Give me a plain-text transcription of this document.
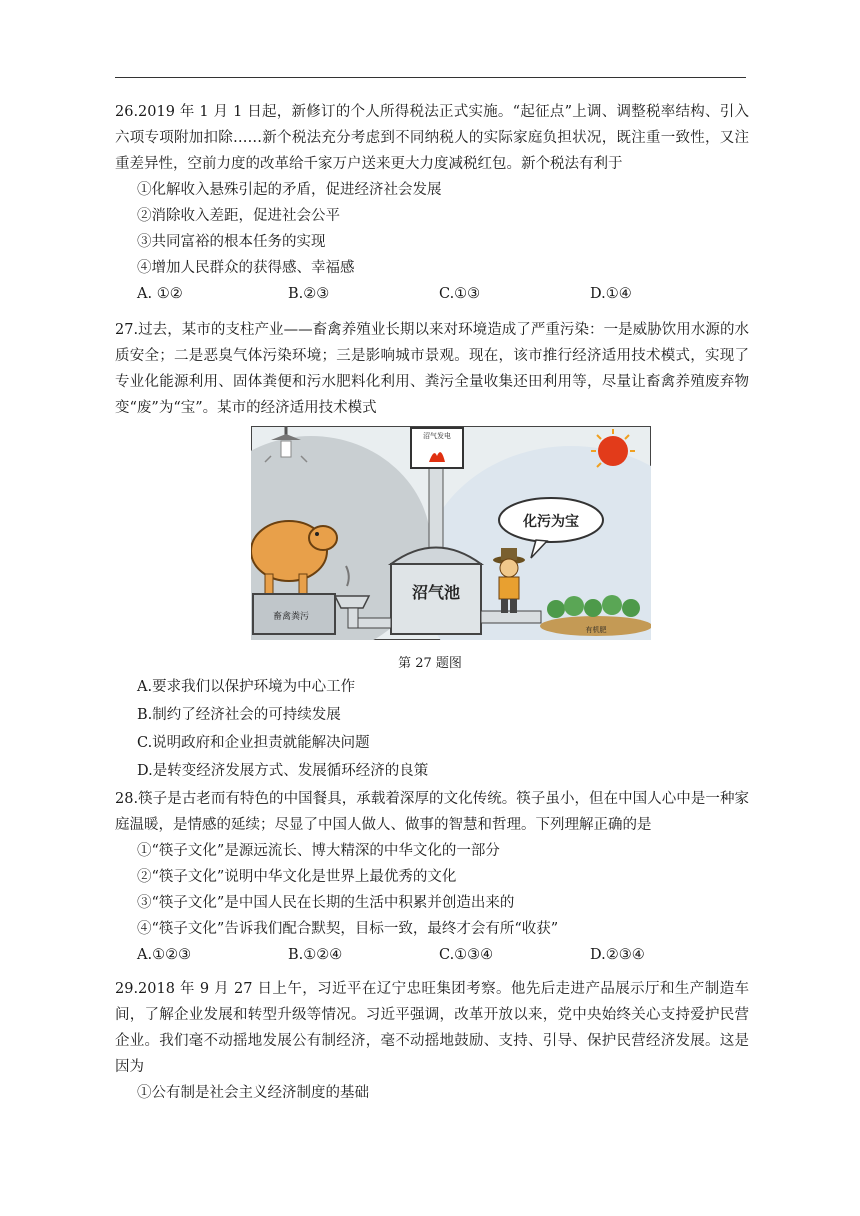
26.2019 年 1 月 1 日起，新修订的个人所得税法正式实施。“起征点”上调、调整税率结构、引入六项专项附加扣除……新个税法充分考虑到不同纳税人的实际家庭负担状况，既注重一致性，又注重差异性，空前力度的改革给千家万户送来更大力度减税红包。新个税法有利于

①化解收入悬殊引起的矛盾，促进经济社会发展

②消除收入差距，促进社会公平

③共同富裕的根本任务的实现

④增加人民群众的获得感、幸福感

A. ①②	B.②③	C.①③	D.①④

27.过去，某市的支柱产业——畜禽养殖业长期以来对环境造成了严重污染：一是威胁饮用水源的水质安全；二是恶臭气体污染环境；三是影响城市景观。现在，该市推行经济适用技术模式，实现了专业化能源利用、固体粪便和污水肥料化利用、粪污全量收集还田利用等，尽量让畜禽养殖废弃物变“废”为“宝”。某市的经济适用技术模式

沼气发电
化污为宝
沼气池
畜禽粪污
有机肥
第 27 题图

A.要求我们以保护环境为中心工作

B.制约了经济社会的可持续发展

C.说明政府和企业担责就能解决问题

D.是转变经济发展方式、发展循环经济的良策

28.筷子是古老而有特色的中国餐具，承载着深厚的文化传统。筷子虽小，但在中国人心中是一种家庭温暖，是情感的延续；尽显了中国人做人、做事的智慧和哲理。下列理解正确的是

①“筷子文化”是源远流长、博大精深的中华文化的一部分

②“筷子文化”说明中华文化是世界上最优秀的文化

③“筷子文化”是中国人民在长期的生活中积累并创造出来的

④“筷子文化”告诉我们配合默契，目标一致，最终才会有所“收获”

A.①②③	B.①②④	C.①③④	D.②③④

29.2018 年 9 月 27 日上午，习近平在辽宁忠旺集团考察。他先后走进产品展示厅和生产制造车间，了解企业发展和转型升级等情况。习近平强调，改革开放以来，党中央始终关心支持爱护民营企业。我们毫不动摇地发展公有制经济，毫不动摇地鼓励、支持、引导、保护民营经济发展。这是因为

①公有制是社会主义经济制度的基础
